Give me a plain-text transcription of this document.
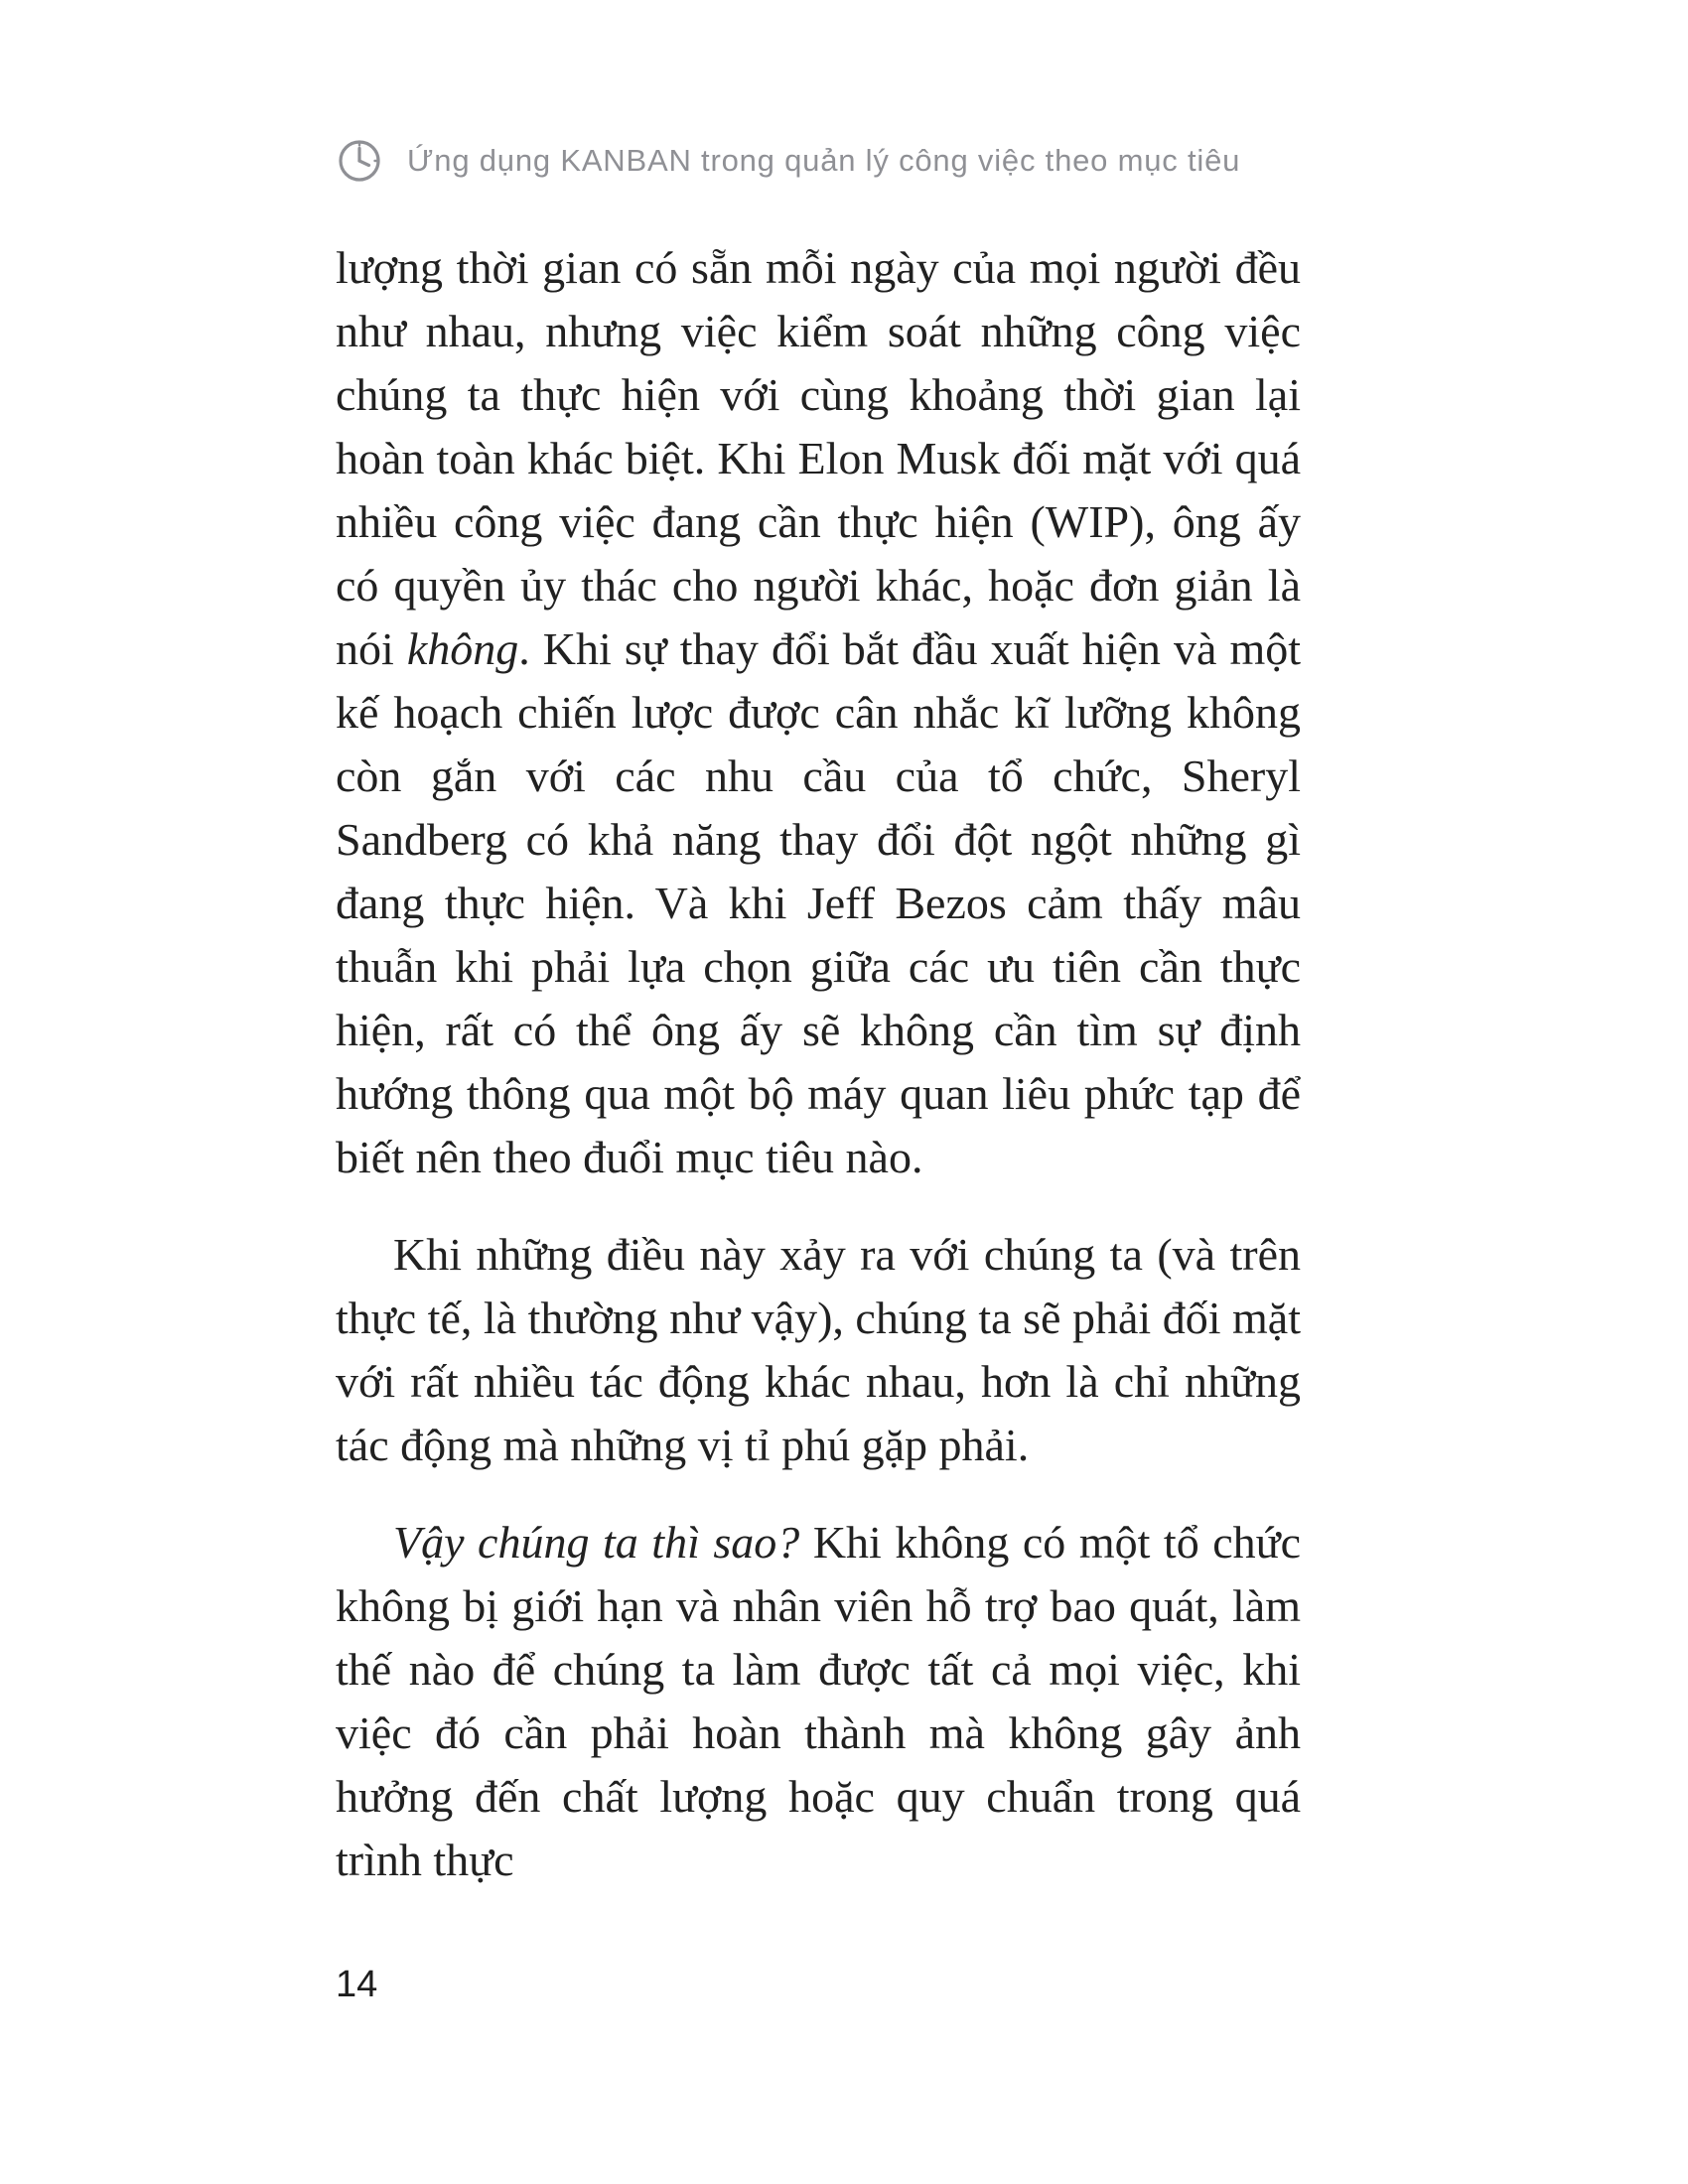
Ứng dụng KANBAN trong quản lý công việc theo mục tiêu

lượng thời gian có sẵn mỗi ngày của mọi người đều như nhau, nhưng việc kiểm soát những công việc chúng ta thực hiện với cùng khoảng thời gian lại hoàn toàn khác biệt. Khi Elon Musk đối mặt với quá nhiều công việc đang cần thực hiện (WIP), ông ấy có quyền ủy thác cho người khác, hoặc đơn giản là nói không. Khi sự thay đổi bắt đầu xuất hiện và một kế hoạch chiến lược được cân nhắc kĩ lưỡng không còn gắn với các nhu cầu của tổ chức, Sheryl Sandberg có khả năng thay đổi đột ngột những gì đang thực hiện. Và khi Jeff Bezos cảm thấy mâu thuẫn khi phải lựa chọn giữa các ưu tiên cần thực hiện, rất có thể ông ấy sẽ không cần tìm sự định hướng thông qua một bộ máy quan liêu phức tạp để biết nên theo đuổi mục tiêu nào.

Khi những điều này xảy ra với chúng ta (và trên thực tế, là thường như vậy), chúng ta sẽ phải đối mặt với rất nhiều tác động khác nhau, hơn là chỉ những tác động mà những vị tỉ phú gặp phải.

Vậy chúng ta thì sao? Khi không có một tổ chức không bị giới hạn và nhân viên hỗ trợ bao quát, làm thế nào để chúng ta làm được tất cả mọi việc, khi việc đó cần phải hoàn thành mà không gây ảnh hưởng đến chất lượng hoặc quy chuẩn trong quá trình thực

14
